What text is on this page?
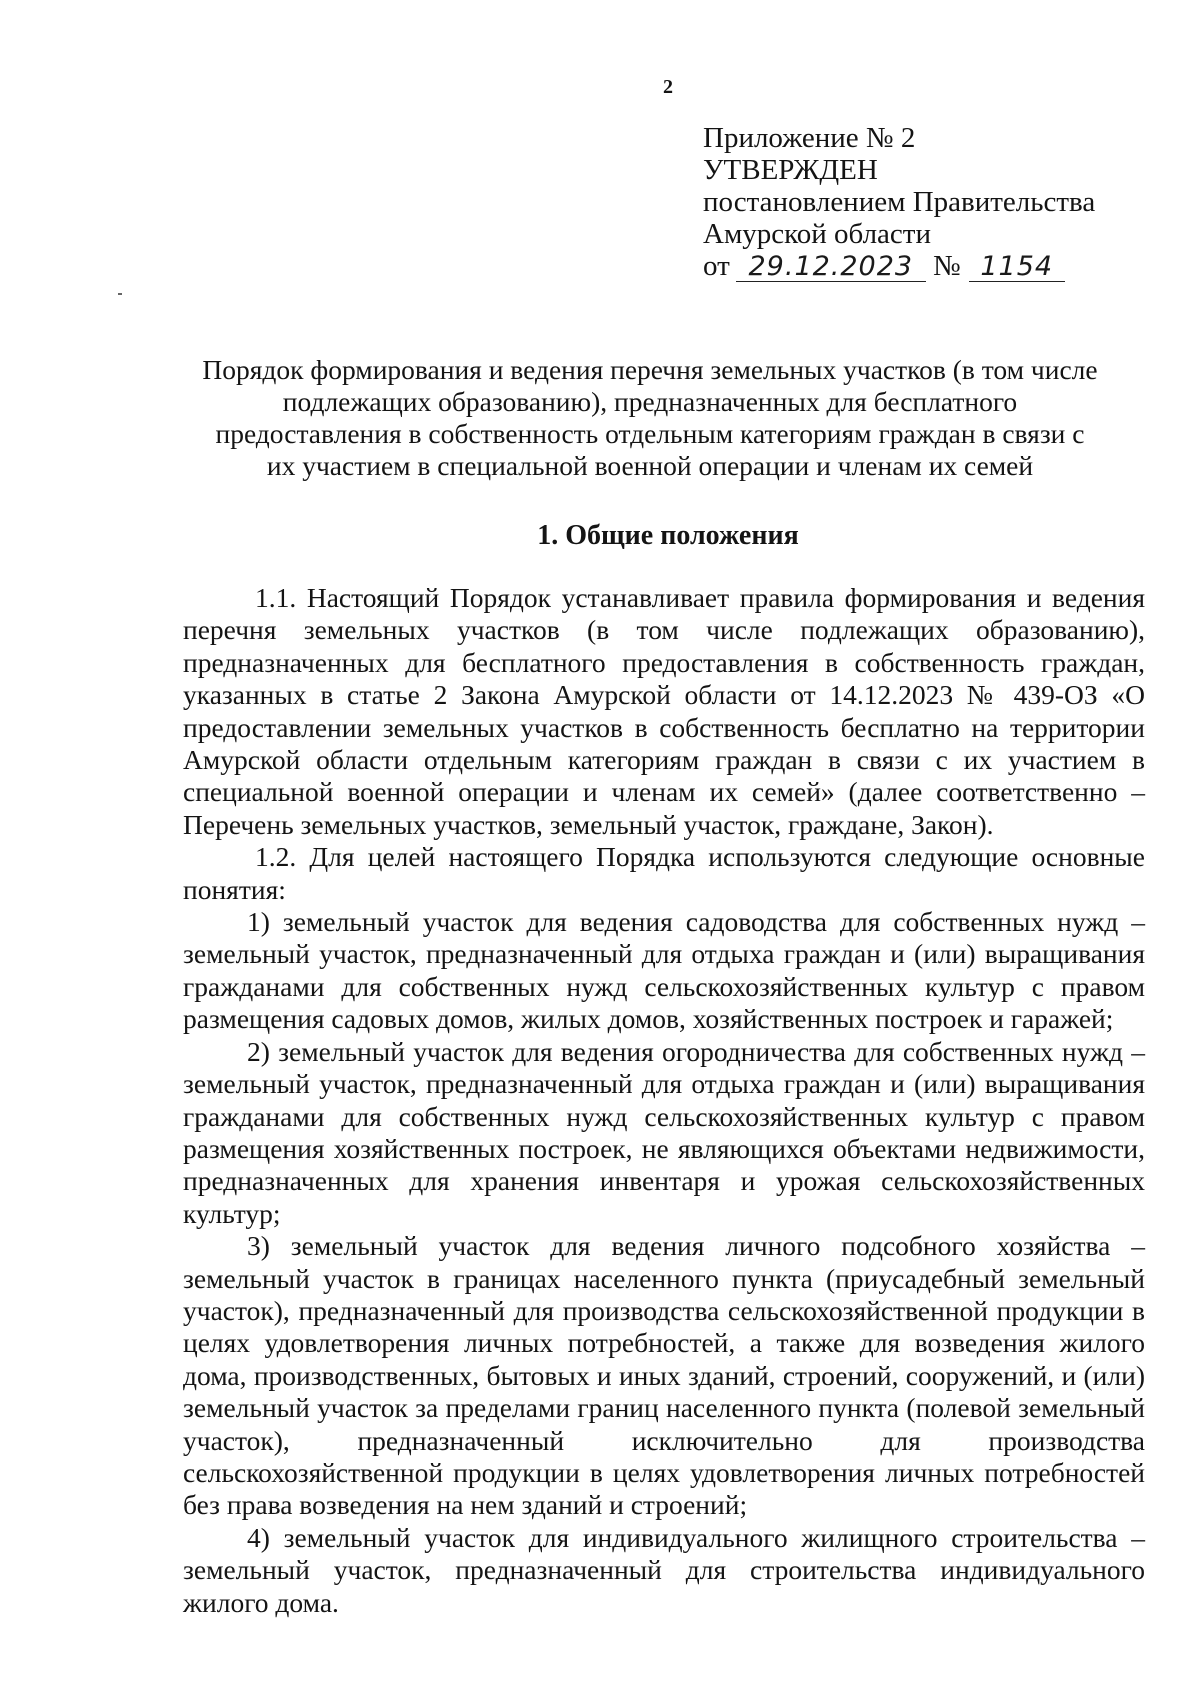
2
Приложение № 2
УТВЕРЖДЕН
постановлением Правительства
Амурской области
от 29.12.2023 № 1154
Порядок формирования и ведения перечня земельных участков (в том числе подлежащих образованию), предназначенных для бесплатного предоставления в собственность отдельным категориям граждан в связи с их участием в специальной военной операции и членам их семей
1. Общие положения

1.1. Настоящий Порядок устанавливает правила формирования и ведения перечня земельных участков (в том числе подлежащих образованию), предназначенных для бесплатного предоставления в собственность граждан, указанных в статье 2 Закона Амурской области от 14.12.2023 № 439-ОЗ «О предоставлении земельных участков в собственность бесплатно на территории Амурской области отдельным категориям граждан в связи с их участием в специальной военной операции и членам их семей» (далее соответственно – Перечень земельных участков, земельный участок, граждане, Закон).

1.2. Для целей настоящего Порядка используются следующие основные понятия:

1) земельный участок для ведения садоводства для собственных нужд – земельный участок, предназначенный для отдыха граждан и (или) выращивания гражданами для собственных нужд сельскохозяйственных культур с правом размещения садовых домов, жилых домов, хозяйственных построек и гаражей;

2) земельный участок для ведения огородничества для собственных нужд – земельный участок, предназначенный для отдыха граждан и (или) выращивания гражданами для собственных нужд сельскохозяйственных культур с правом размещения хозяйственных построек, не являющихся объектами недвижимости, предназначенных для хранения инвентаря и урожая сельскохозяйственных культур;

3) земельный участок для ведения личного подсобного хозяйства – земельный участок в границах населенного пункта (приусадебный земельный участок), предназначенный для производства сельскохозяйственной продукции в целях удовлетворения личных потребностей, а также для возведения жилого дома, производственных, бытовых и иных зданий, строений, сооружений, и (или) земельный участок за пределами границ населенного пункта (полевой земельный участок), предназначенный исключительно для производства сельскохозяйственной продукции в целях удовлетворения личных потребностей без права возведения на нем зданий и строений;

4) земельный участок для индивидуального жилищного строительства – земельный участок, предназначенный для строительства индивидуального жилого дома.
